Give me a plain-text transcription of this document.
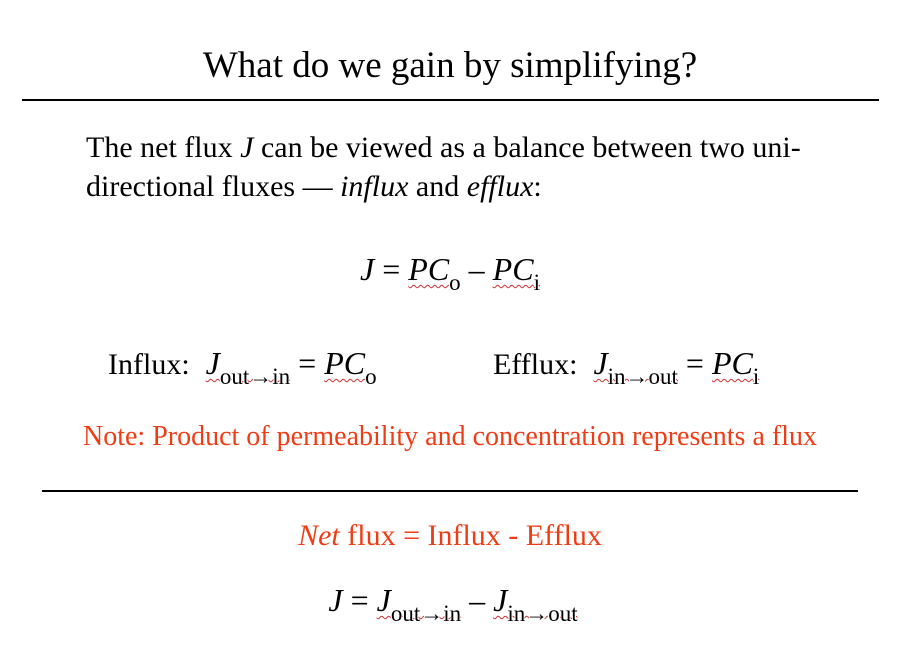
What do we gain by simplifying?
The net flux J can be viewed as a balance between two uni-directional fluxes — influx and efflux:
$J = PC_o - PC_i$
Influx: $J_{out\to in} = PC_o$	Efflux: $J_{in\to out} = PC_i$
Note: Product of permeability and concentration represents a flux
Net flux = Influx - Efflux
$J = J_{out\to in} - J_{in\to out}$
